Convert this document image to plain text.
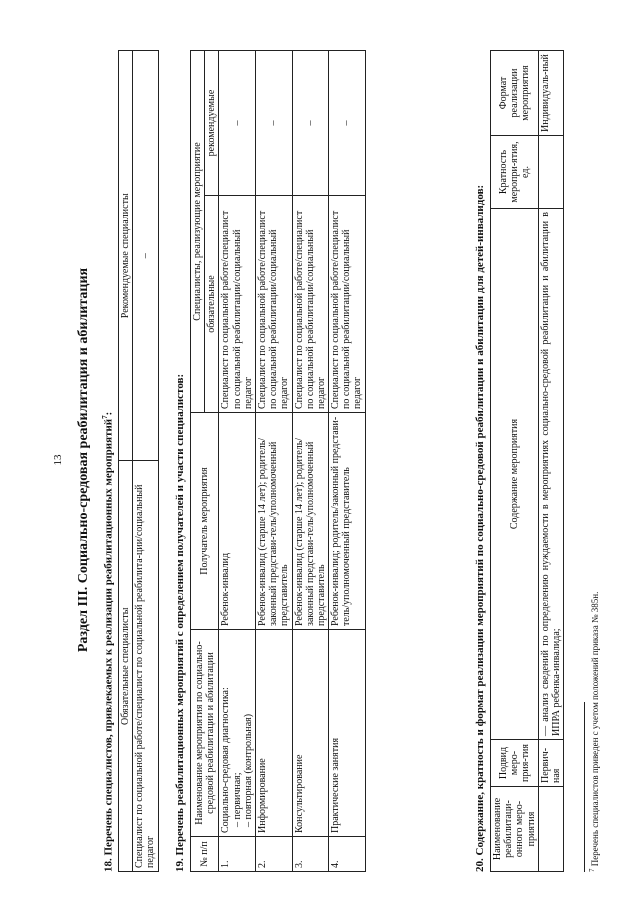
13 Раздел III. Социально-средовая реабилитация и абилитация 18. Перечень специалистов, привлекаемых к реализации реабилитационных мероприятий$^7$:
Обязательные специалисты	Рекомендуемые специалисты
Специалист по социальной работе/специалист по социальной реабилита-ции/социальный педагог	–
19. Перечень реабилитационных мероприятий с определением получателей и участи специалистов: № п/п	Наименование мероприятия по социально-средовой реабилитации и абилитации	Получатель мероприятия	Специалисты, реализующие мероприятие	
			обязательные	рекомендуемые
1.	Социально-средовая диагностика: – первичная; – повторная (контрольная)	Ребенок-инвалид	Специалист по социальной работе/специалист по социальной реабилитации/социальный педагог	–
2.	Информирование	Ребенок-инвалид (старше 14 лет); родитель/законный представи-тель/уполномоченный представитель	Специалист по социальной работе/специалист по социальной реабилитации/социальный педагог	–
3.	Консультирование	Ребенок-инвалид (старше 14 лет); родитель/законный представи-тель/уполномоченный представитель	Специалист по социальной работе/специалист по социальной реабилитации/социальный педагог	–
4.	Практические занятия	Ребенок-инвалид; родитель/законный представи-тель/уполномоченный представитель	Специалист по социальной работе/специалист по социальной реабилитации/социальный педагог	–
20. Содержание, кратность и формат реализации мероприятий по социально-средовой реабилитации и абилитации для детей-инвалидов: Наименование реабилитаци-онного меро-приятия	Подвид меро-прия-тия	Содержание мероприятия	Кратность меропри-ятия, ед.	Формат реализации мероприятия
	Первич-ная	— анализ сведений по определению нуждаемости в мероприятиях социально-средовой реабилитации и абилитации в ИПРА ребенка-инвалида;		Индивидуаль-ный
$^7$ Перечень специалистов приведен с учетом положений приказа № 385н.
